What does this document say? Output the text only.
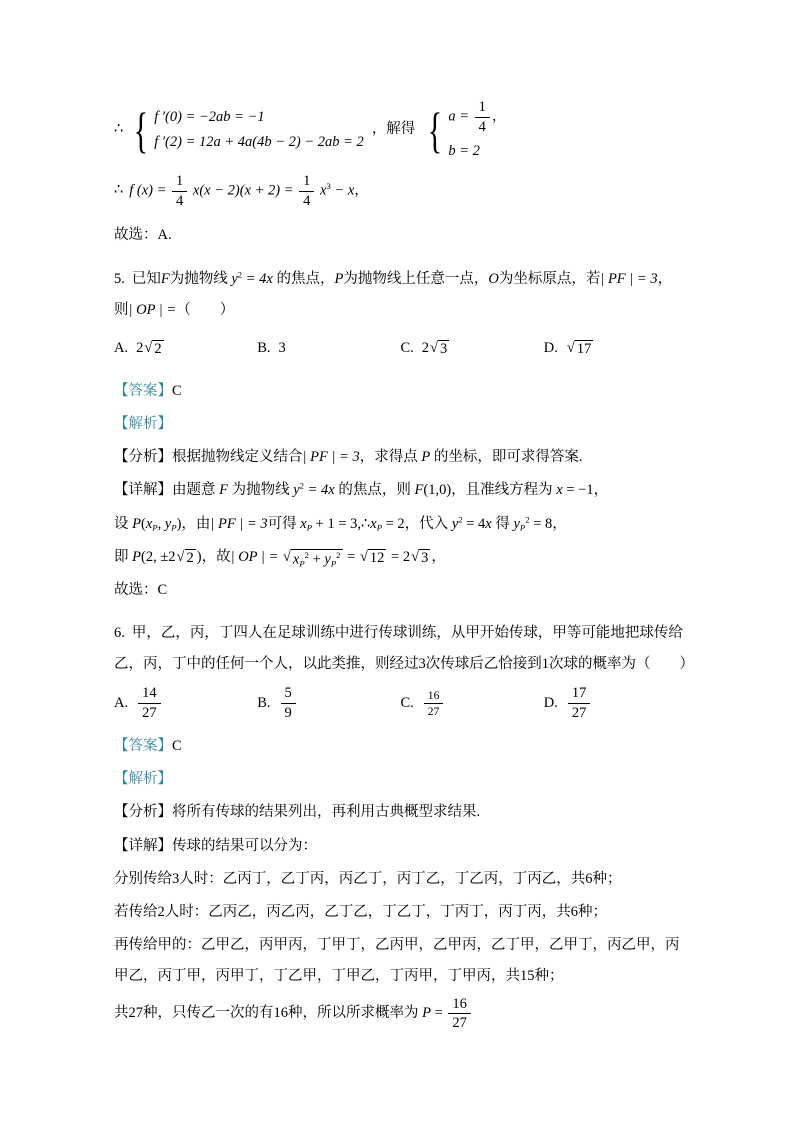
∴ { f ′(0) = −2ab = −1
f ′(2) = 12a + 4a(4b − 2) − 2ab = 2
，解得 { $a = \frac{1}{4}$ ，
b = 2
∴ f $(x) = \frac{1}{4} x(x - 2)(x + 2) = \frac{1}{4} x^3 - x$，
故选：A.
5. 已知F为抛物线 $y^2 = 4x$ 的焦点，P为抛物线上任意一点，O为坐标原点，若| PF | = 3，
则| OP | =（　　）
A. 2 √ 2	B. 3	C. 2 √ 3	D. √ 17
【答案】C
【解析】
【分析】根据抛物线定义结合| PF | = 3，求得点 P 的坐标，即可求得答案.
【详解】由题意 F 为抛物线 $y^2 = 4x$ 的焦点，则 F(1,0)，且准线方程为 x = −1，
设 P(xP, yP)，由| PF | = 3可得 xP + 1 = 3,∴xP = 2，代入 $y^2 = 4x$ 得 $yP^2 = 8$，
即 P(2, ±2 √ 2 )，故| OP | = √ $xP^2 + yP^2$ = √ 12 = 2 √ 3 ，
故选：C
6. 甲，乙，丙，丁四人在足球训练中进行传球训练，从甲开始传球，甲等可能地把球传给
乙，丙，丁中的任何一个人，以此类推，则经过3次传球后乙恰接到1次球的概率为（　　）
A. $\frac{14}{27}$	B. $\frac{5}{9}$	C. $\frac{16}{27}$	D. $\frac{17}{27}$
【答案】C
【解析】
【分析】将所有传球的结果列出，再利用古典概型求结果.
【详解】传球的结果可以分为：
分别传给3人时：乙丙丁，乙丁丙，丙乙丁，丙丁乙，丁乙丙，丁丙乙，共6种；
若传给2人时：乙丙乙，丙乙丙，乙丁乙，丁乙丁，丁丙丁，丙丁丙，共6种；
再传给甲的：乙甲乙，丙甲丙，丁甲丁，乙丙甲，乙甲丙，乙丁甲，乙甲丁，丙乙甲，丙甲乙，丙丁甲，丙甲丁，丁乙甲，丁甲乙，丁丙甲，丁甲丙，共15种；
共27种，只传乙一次的有16种，所以所求概率为 $P = \frac{16}{27}$
